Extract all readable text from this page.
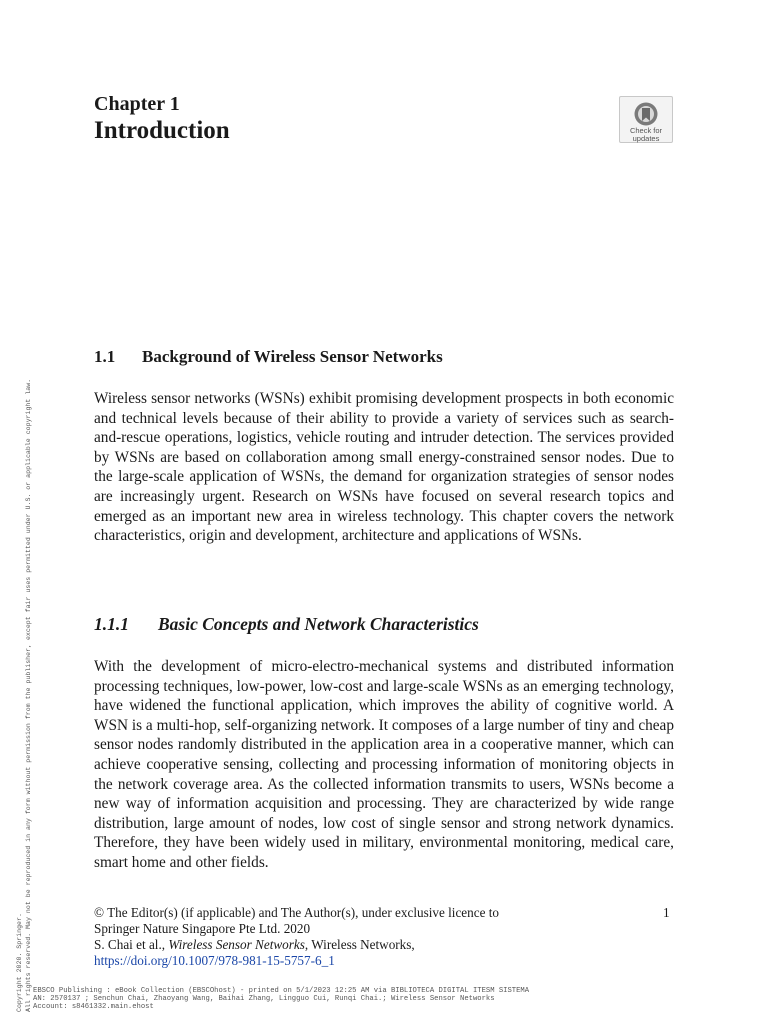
Chapter 1
Introduction	Check for
updates
1.1 Background of Wireless Sensor Networks
Wireless sensor networks (WSNs) exhibit promising development prospects in both economic and technical levels because of their ability to provide a variety of services such as search-and-rescue operations, logistics, vehicle routing and intruder detection. The services provided by WSNs are based on collaboration among small energy-constrained sensor nodes. Due to the large-scale application of WSNs, the demand for organization strategies of sensor nodes are increasingly urgent. Research on WSNs have focused on several research topics and emerged as an important new area in wireless technology. This chapter covers the network characteristics, origin and development, architecture and applications of WSNs.
1.1.1 Basic Concepts and Network Characteristics
With the development of micro-electro-mechanical systems and distributed information processing techniques, low-power, low-cost and large-scale WSNs as an emerging technology, have widened the functional application, which improves the ability of cognitive world. A WSN is a multi-hop, self-organizing network. It composes of a large number of tiny and cheap sensor nodes randomly distributed in the application area in a cooperative manner, which can achieve cooperative sensing, collecting and processing information of monitoring objects in the network coverage area. As the collected information transmits to users, WSNs become a new way of information acquisition and processing. They are characterized by wide range distribution, large amount of nodes, low cost of single sensor and strong network dynamics. Therefore, they have been widely used in military, environmental monitoring, medical care, smart home and other fields.
© The Editor(s) (if applicable) and The Author(s), under exclusive licence to
Springer Nature Singapore Pte Ltd. 2020
S. Chai et al., Wireless Sensor Networks, Wireless Networks,
https://doi.org/10.1007/978-981-15-5757-6_1
1
EBSCO Publishing : eBook Collection (EBSCOhost) - printed on 5/1/2023 12:25 AM via BIBLIOTECA DIGITAL ITESM SISTEMA
AN: 2570137 ; Senchun Chai, Zhaoyang Wang, Baihai Zhang, Lingguo Cui, Runqi Chai.; Wireless Sensor Networks
Account: s8461332.main.ehost
Copyright 2020. Springer. All rights reserved. May not be reproduced in any form without permission from the publisher, except fair uses permitted under U.S. or applicable copyright law.
